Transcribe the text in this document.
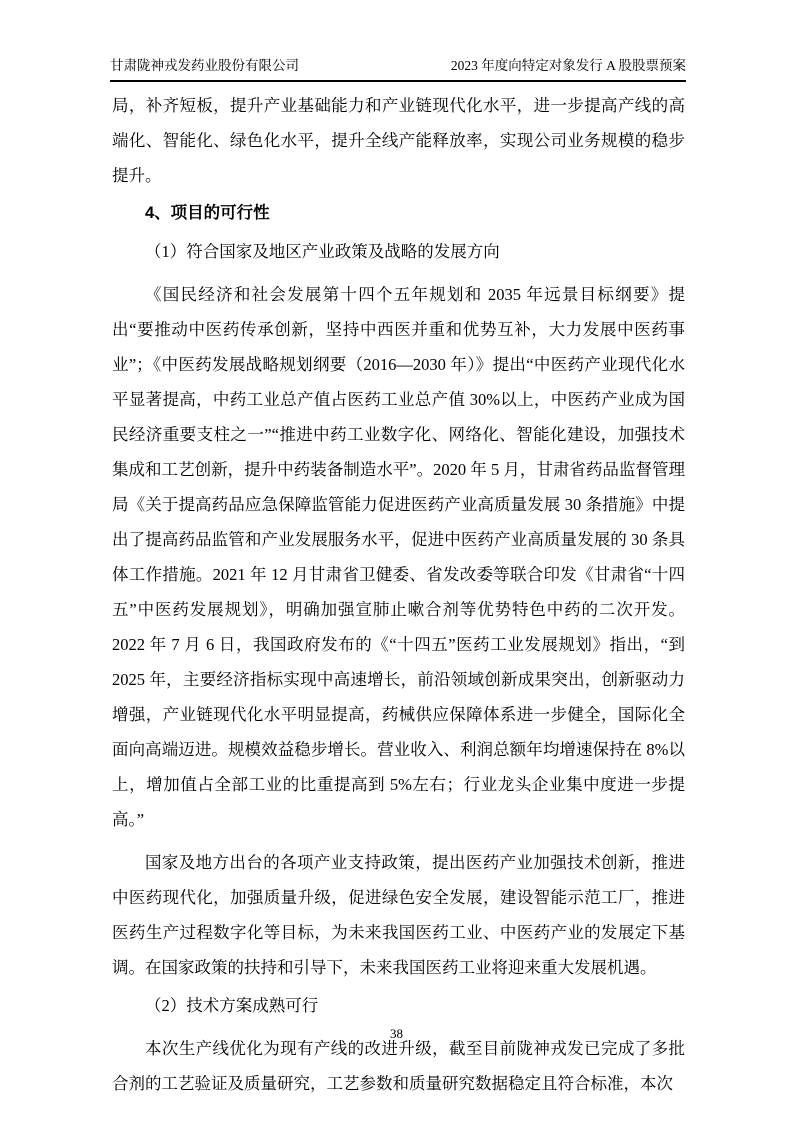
甘肃陇神戎发药业股份有限公司	2023 年度向特定对象发行 A 股股票预案

局，补齐短板，提升产业基础能力和产业链现代化水平，进一步提高产线的高端化、智能化、绿色化水平，提升全线产能释放率，实现公司业务规模的稳步提升。

4、项目的可行性

（1）符合国家及地区产业政策及战略的发展方向

《国民经济和社会发展第十四个五年规划和 2035 年远景目标纲要》提出“要推动中医药传承创新，坚持中西医并重和优势互补，大力发展中医药事业”；《中医药发展战略规划纲要（2016—2030 年）》提出“中医药产业现代化水平显著提高，中药工业总产值占医药工业总产值 30%以上，中医药产业成为国民经济重要支柱之一”“推进中药工业数字化、网络化、智能化建设，加强技术集成和工艺创新，提升中药装备制造水平”。2020 年 5 月，甘肃省药品监督管理局《关于提高药品应急保障监管能力促进医药产业高质量发展 30 条措施》中提出了提高药品监管和产业发展服务水平，促进中医药产业高质量发展的 30 条具体工作措施。2021 年 12 月甘肃省卫健委、省发改委等联合印发《甘肃省“十四五”中医药发展规划》，明确加强宣肺止嗽合剂等优势特色中药的二次开发。2022 年 7 月 6 日，我国政府发布的《“十四五”医药工业发展规划》指出，“到 2025 年，主要经济指标实现中高速增长，前沿领域创新成果突出，创新驱动力增强，产业链现代化水平明显提高，药械供应保障体系进一步健全，国际化全面向高端迈进。规模效益稳步增长。营业收入、利润总额年均增速保持在 8%以上，增加值占全部工业的比重提高到 5%左右；行业龙头企业集中度进一步提高。”

国家及地方出台的各项产业支持政策，提出医药产业加强技术创新，推进中医药现代化，加强质量升级，促进绿色安全发展，建设智能示范工厂，推进医药生产过程数字化等目标，为未来我国医药工业、中医药产业的发展定下基调。在国家政策的扶持和引导下，未来我国医药工业将迎来重大发展机遇。

（2）技术方案成熟可行

本次生产线优化为现有产线的改进升级，截至目前陇神戎发已完成了多批合剂的工艺验证及质量研究，工艺参数和质量研究数据稳定且符合标准，本次

38
